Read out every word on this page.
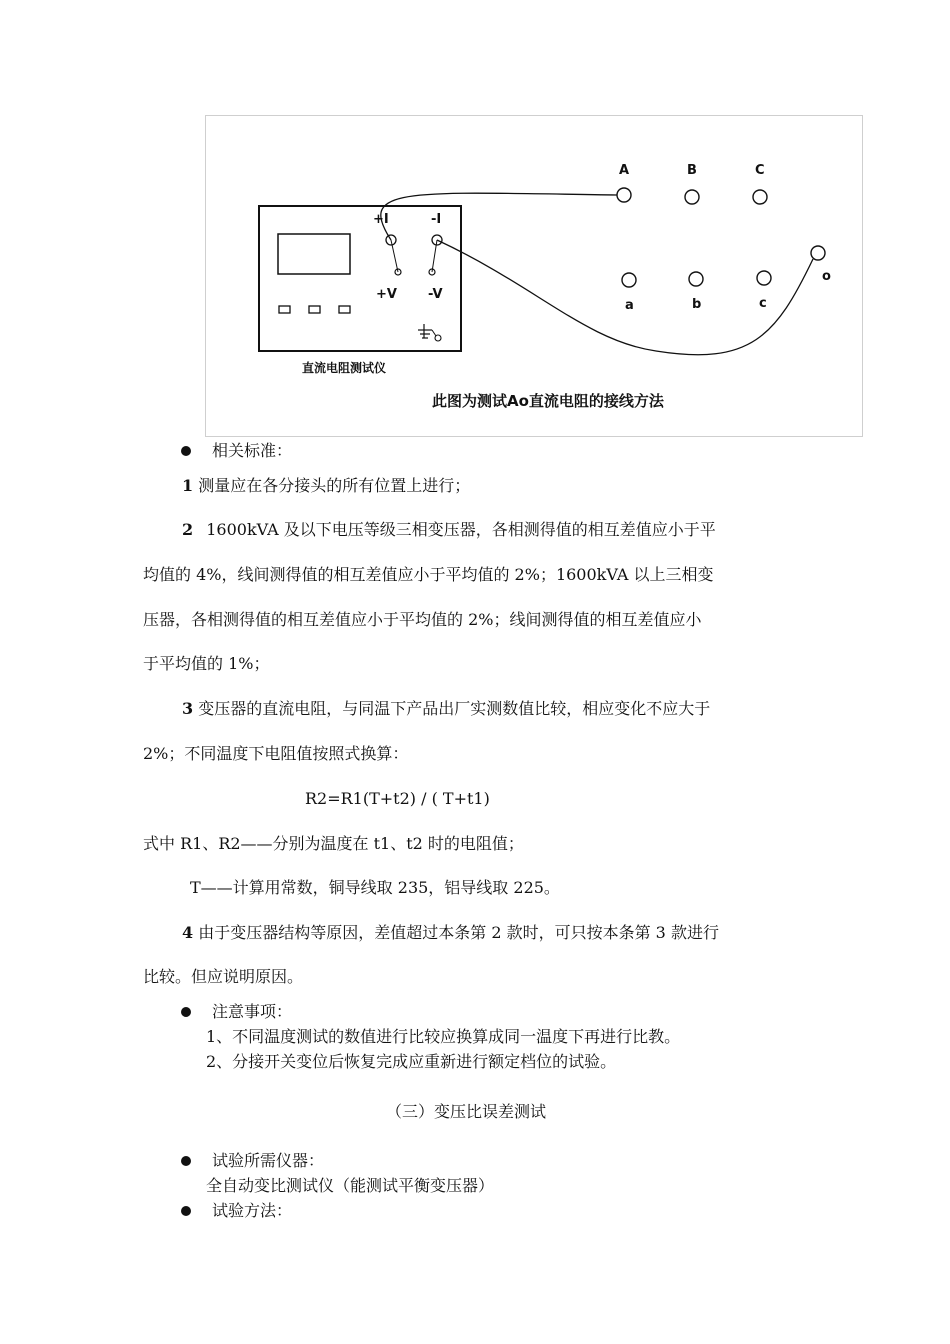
A	B	C
a	b	c
o
+I	-I
+V -V
直流电阻测试仪
此图为测试Ao直流电阻的接线方法
相关标准：
1 测量应在各分接头的所有位置上进行；
2 1600kVA 及以下电压等级三相变压器，各相测得值的相互差值应小于平
均值的 4%，线间测得值的相互差值应小于平均值的 2%；1600kVA 以上三相变
压器，各相测得值的相互差值应小于平均值的 2%；线间测得值的相互差值应小
于平均值的 1%；
3 变压器的直流电阻，与同温下产品出厂实测数值比较，相应变化不应大于
2%；不同温度下电阻值按照式换算：
R2=R1(T+t2) / ( T+t1)
式中 R1、R2——分别为温度在 t1、t2 时的电阻值；
T——计算用常数，铜导线取 235，铝导线取 225。
4 由于变压器结构等原因，差值超过本条第 2 款时，可只按本条第 3 款进行
比较。但应说明原因。
注意事项：
1、不同温度测试的数值进行比较应换算成同一温度下再进行比教。
2、分接开关变位后恢复完成应重新进行额定档位的试验。
（三）变压比误差测试
试验所需仪器：
全自动变比测试仪（能测试平衡变压器）
试验方法：
